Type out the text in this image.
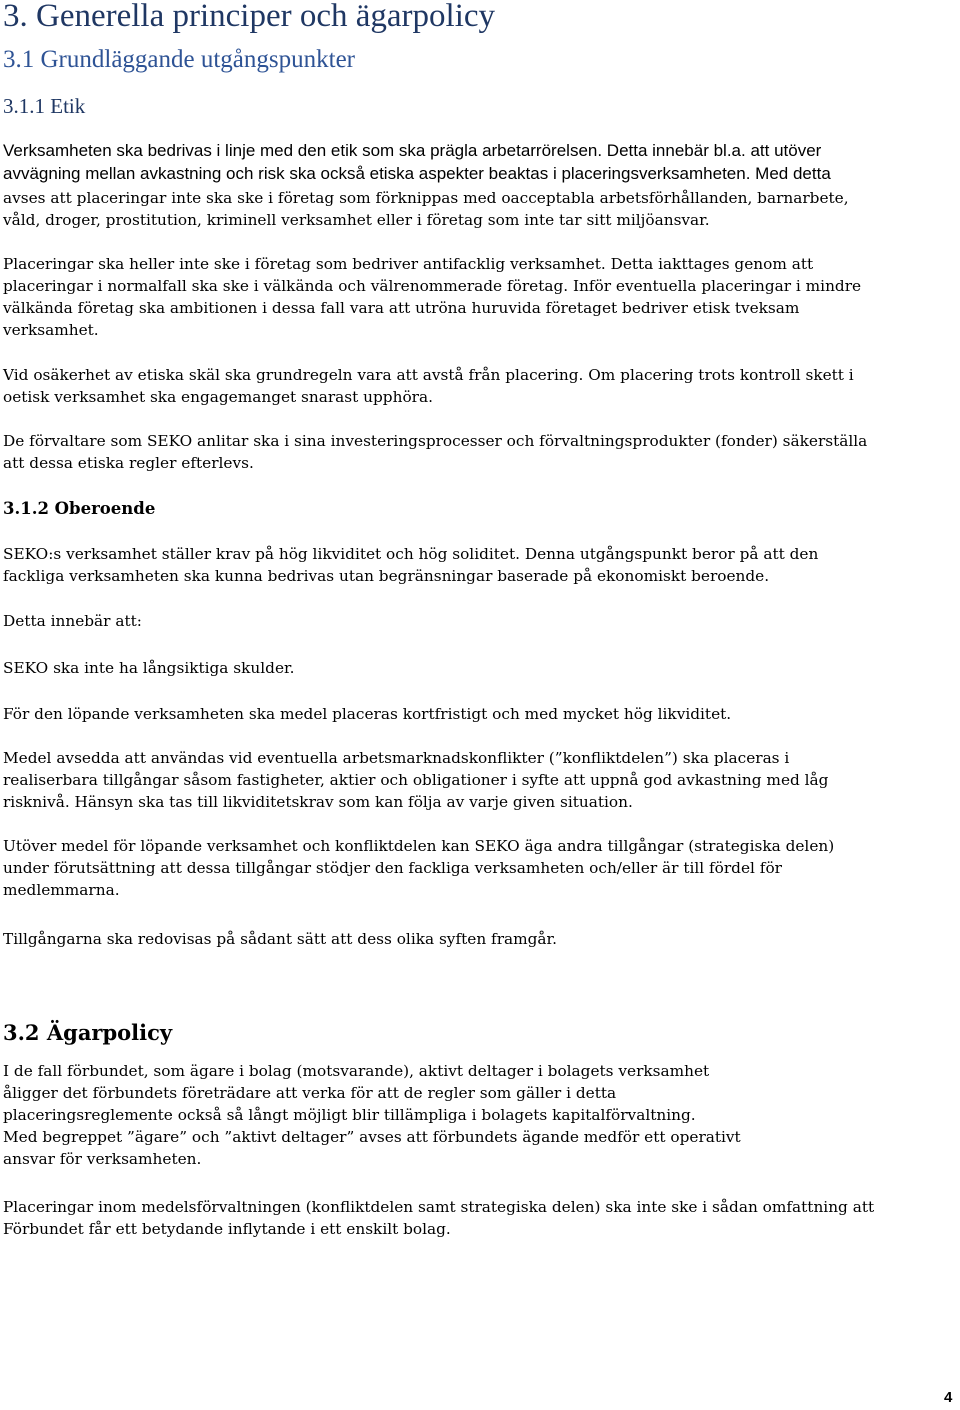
3. Generella principer och ägarpolicy
3.1 Grundläggande utgångspunkter
3.1.1 Etik
Verksamheten ska bedrivas i linje med den etik som ska prägla arbetarrörelsen. Detta innebär bl.a. att utöver
avvägning mellan avkastning och risk ska också etiska aspekter beaktas i placeringsverksamheten. Med detta
avses att placeringar inte ska ske i företag som förknippas med oacceptabla arbetsförhållanden, barnarbete,
våld, droger, prostitution, kriminell verksamhet eller i företag som inte tar sitt miljöansvar.
Placeringar ska heller inte ske i företag som bedriver antifacklig verksamhet. Detta iakttages genom att
placeringar i normalfall ska ske i välkända och välrenommerade företag. Inför eventuella placeringar i mindre
välkända företag ska ambitionen i dessa fall vara att utröna huruvida företaget bedriver etisk tveksam
verksamhet.
Vid osäkerhet av etiska skäl ska grundregeln vara att avstå från placering. Om placering trots kontroll skett i
oetisk verksamhet ska engagemanget snarast upphöra.
De förvaltare som SEKO anlitar ska i sina investeringsprocesser och förvaltningsprodukter (fonder) säkerställa
att dessa etiska regler efterlevs.
3.1.2 Oberoende
SEKO:s verksamhet ställer krav på hög likviditet och hög soliditet. Denna utgångspunkt beror på att den
fackliga verksamheten ska kunna bedrivas utan begränsningar baserade på ekonomiskt beroende.
Detta innebär att:
SEKO ska inte ha långsiktiga skulder.
För den löpande verksamheten ska medel placeras kortfristigt och med mycket hög likviditet.
Medel avsedda att användas vid eventuella arbetsmarknadskonflikter (”konfliktdelen”) ska placeras i
realiserbara tillgångar såsom fastigheter, aktier och obligationer i syfte att uppnå god avkastning med låg
risknivå. Hänsyn ska tas till likviditetskrav som kan följa av varje given situation.
Utöver medel för löpande verksamhet och konfliktdelen kan SEKO äga andra tillgångar (strategiska delen)
under förutsättning att dessa tillgångar stödjer den fackliga verksamheten och/eller är till fördel för
medlemmarna.
Tillgångarna ska redovisas på sådant sätt att dess olika syften framgår.
3.2 Ägarpolicy
I de fall förbundet, som ägare i bolag (motsvarande), aktivt deltager i bolagets verksamhet
åligger det förbundets företrädare att verka för att de regler som gäller i detta
placeringsreglemente också så långt möjligt blir tillämpliga i bolagets kapitalförvaltning.
Med begreppet ”ägare” och ”aktivt deltager” avses att förbundets ägande medför ett operativt
ansvar för verksamheten.
Placeringar inom medelsförvaltningen (konfliktdelen samt strategiska delen) ska inte ske i sådan omfattning att
Förbundet får ett betydande inflytande i ett enskilt bolag.
4
